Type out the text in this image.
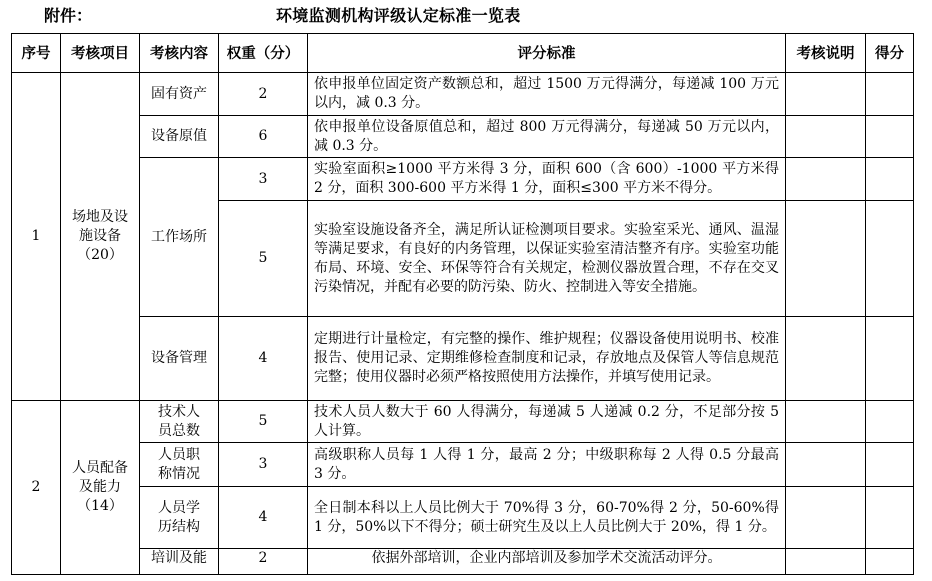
附件：	环境监测机构评级认定标准一览表
序号	考核项目	考核内容	权重（分）	评分标准	考核说明	得分
1	场地及设施设备（20）	固有资产	2	依申报单位固定资产数额总和，超过 1500 万元得满分，每递减 100 万元以内，减 0.3 分。		
		设备原值	6	依申报单位设备原值总和，超过 800 万元得满分，每递减 50 万元以内，减 0.3 分。		
		工作场所	3	实验室面积≥1000 平方米得 3 分，面积 600（含 600）-1000 平方米得 2 分，面积 300-600 平方米得 1 分，面积≤300 平方米不得分。		
			5	实验室设施设备齐全，满足所认证检测项目要求。实验室采光、通风、温湿等满足要求，有良好的内务管理，以保证实验室清洁整齐有序。实验室功能布局、环境、安全、环保等符合有关规定，检测仪器放置合理，不存在交叉污染情况，并配有必要的防污染、防火、控制进入等安全措施。		
		设备管理	4	定期进行计量检定，有完整的操作、维护规程；仪器设备使用说明书、校准报告、使用记录、定期维修检查制度和记录，存放地点及保管人等信息规范完整；使用仪器时必须严格按照使用方法操作，并填写使用记录。		
2	人员配备及能力（14）	技术人员总数	5	技术人员人数大于 60 人得满分，每递减 5 人递减 0.2 分，不足部分按 5 人计算。		
		人员职称情况	3	高级职称人员每 1 人得 1 分，最高 2 分；中级职称每 2 人得 0.5 分最高 3 分。		
		人员学历结构	4	全日制本科以上人员比例大于 70%得 3 分，60-70%得 2 分，50-60%得 1 分，50%以下不得分；硕士研究生及以上人员比例大于 20%，得 1 分。		
		培训及能	2	依据外部培训，企业内部培训及参加学术交流活动评分。		
